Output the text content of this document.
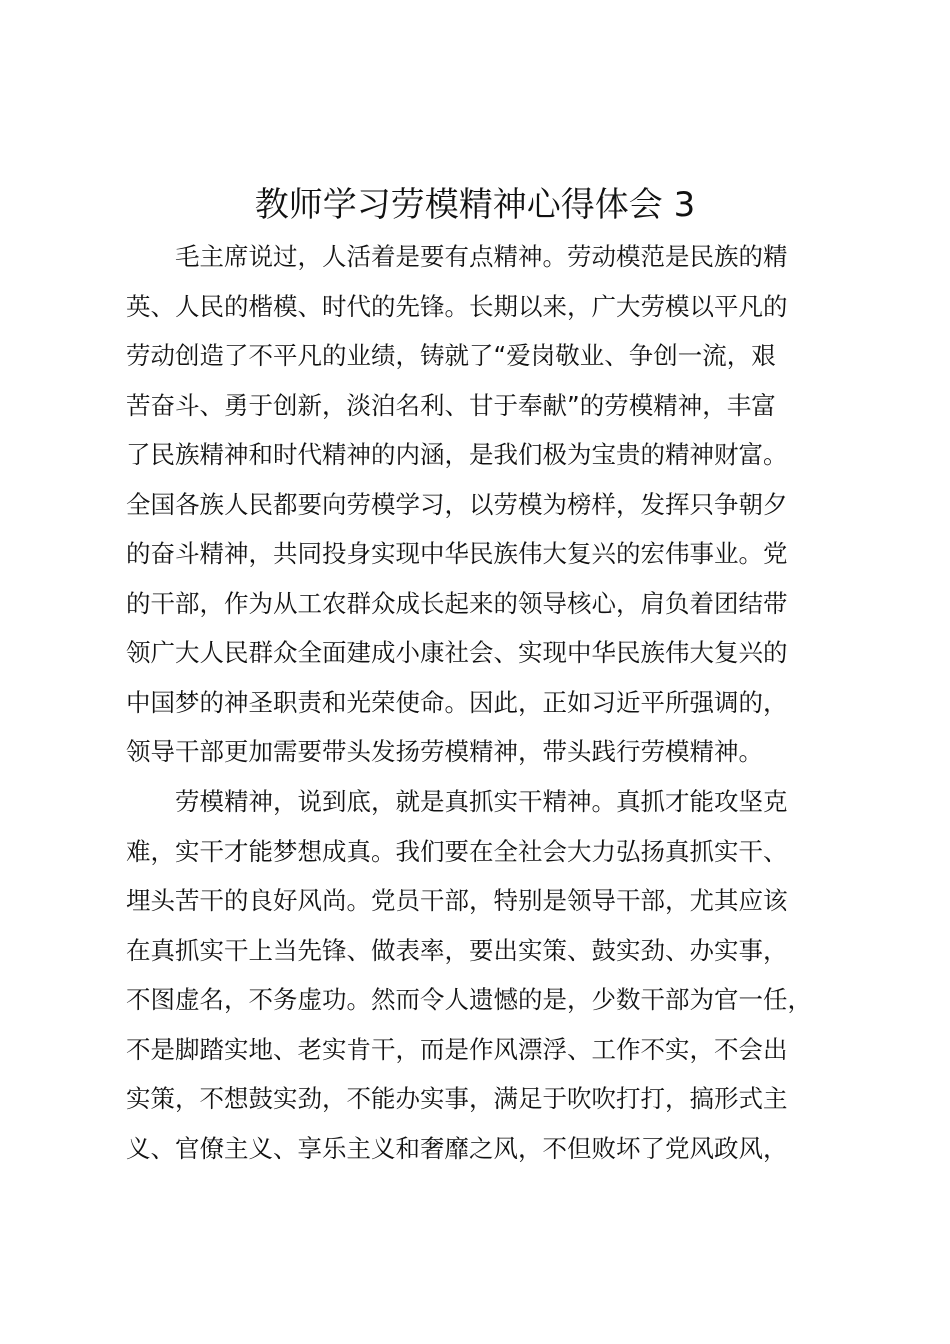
教师学习劳模精神心得体会 3
　　毛主席说过，人活着是要有点精神。劳动模范是民族的精
英、人民的楷模、时代的先锋。长期以来，广大劳模以平凡的
劳动创造了不平凡的业绩，铸就了“爱岗敬业、争创一流，艰
苦奋斗、勇于创新，淡泊名利、甘于奉献”的劳模精神，丰富
了民族精神和时代精神的内涵，是我们极为宝贵的精神财富。
全国各族人民都要向劳模学习，以劳模为榜样，发挥只争朝夕
的奋斗精神，共同投身实现中华民族伟大复兴的宏伟事业。党
的干部，作为从工农群众成长起来的领导核心，肩负着团结带
领广大人民群众全面建成小康社会、实现中华民族伟大复兴的
中国梦的神圣职责和光荣使命。因此，正如习近平所强调的，
领导干部更加需要带头发扬劳模精神，带头践行劳模精神。
　　劳模精神，说到底，就是真抓实干精神。真抓才能攻坚克
难，实干才能梦想成真。我们要在全社会大力弘扬真抓实干、
埋头苦干的良好风尚。党员干部，特别是领导干部，尤其应该
在真抓实干上当先锋、做表率，要出实策、鼓实劲、办实事，
不图虚名，不务虚功。然而令人遗憾的是，少数干部为官一任，
不是脚踏实地、老实肯干，而是作风漂浮、工作不实，不会出
实策，不想鼓实劲，不能办实事，满足于吹吹打打，搞形式主
义、官僚主义、享乐主义和奢靡之风，不但败坏了党风政风，
